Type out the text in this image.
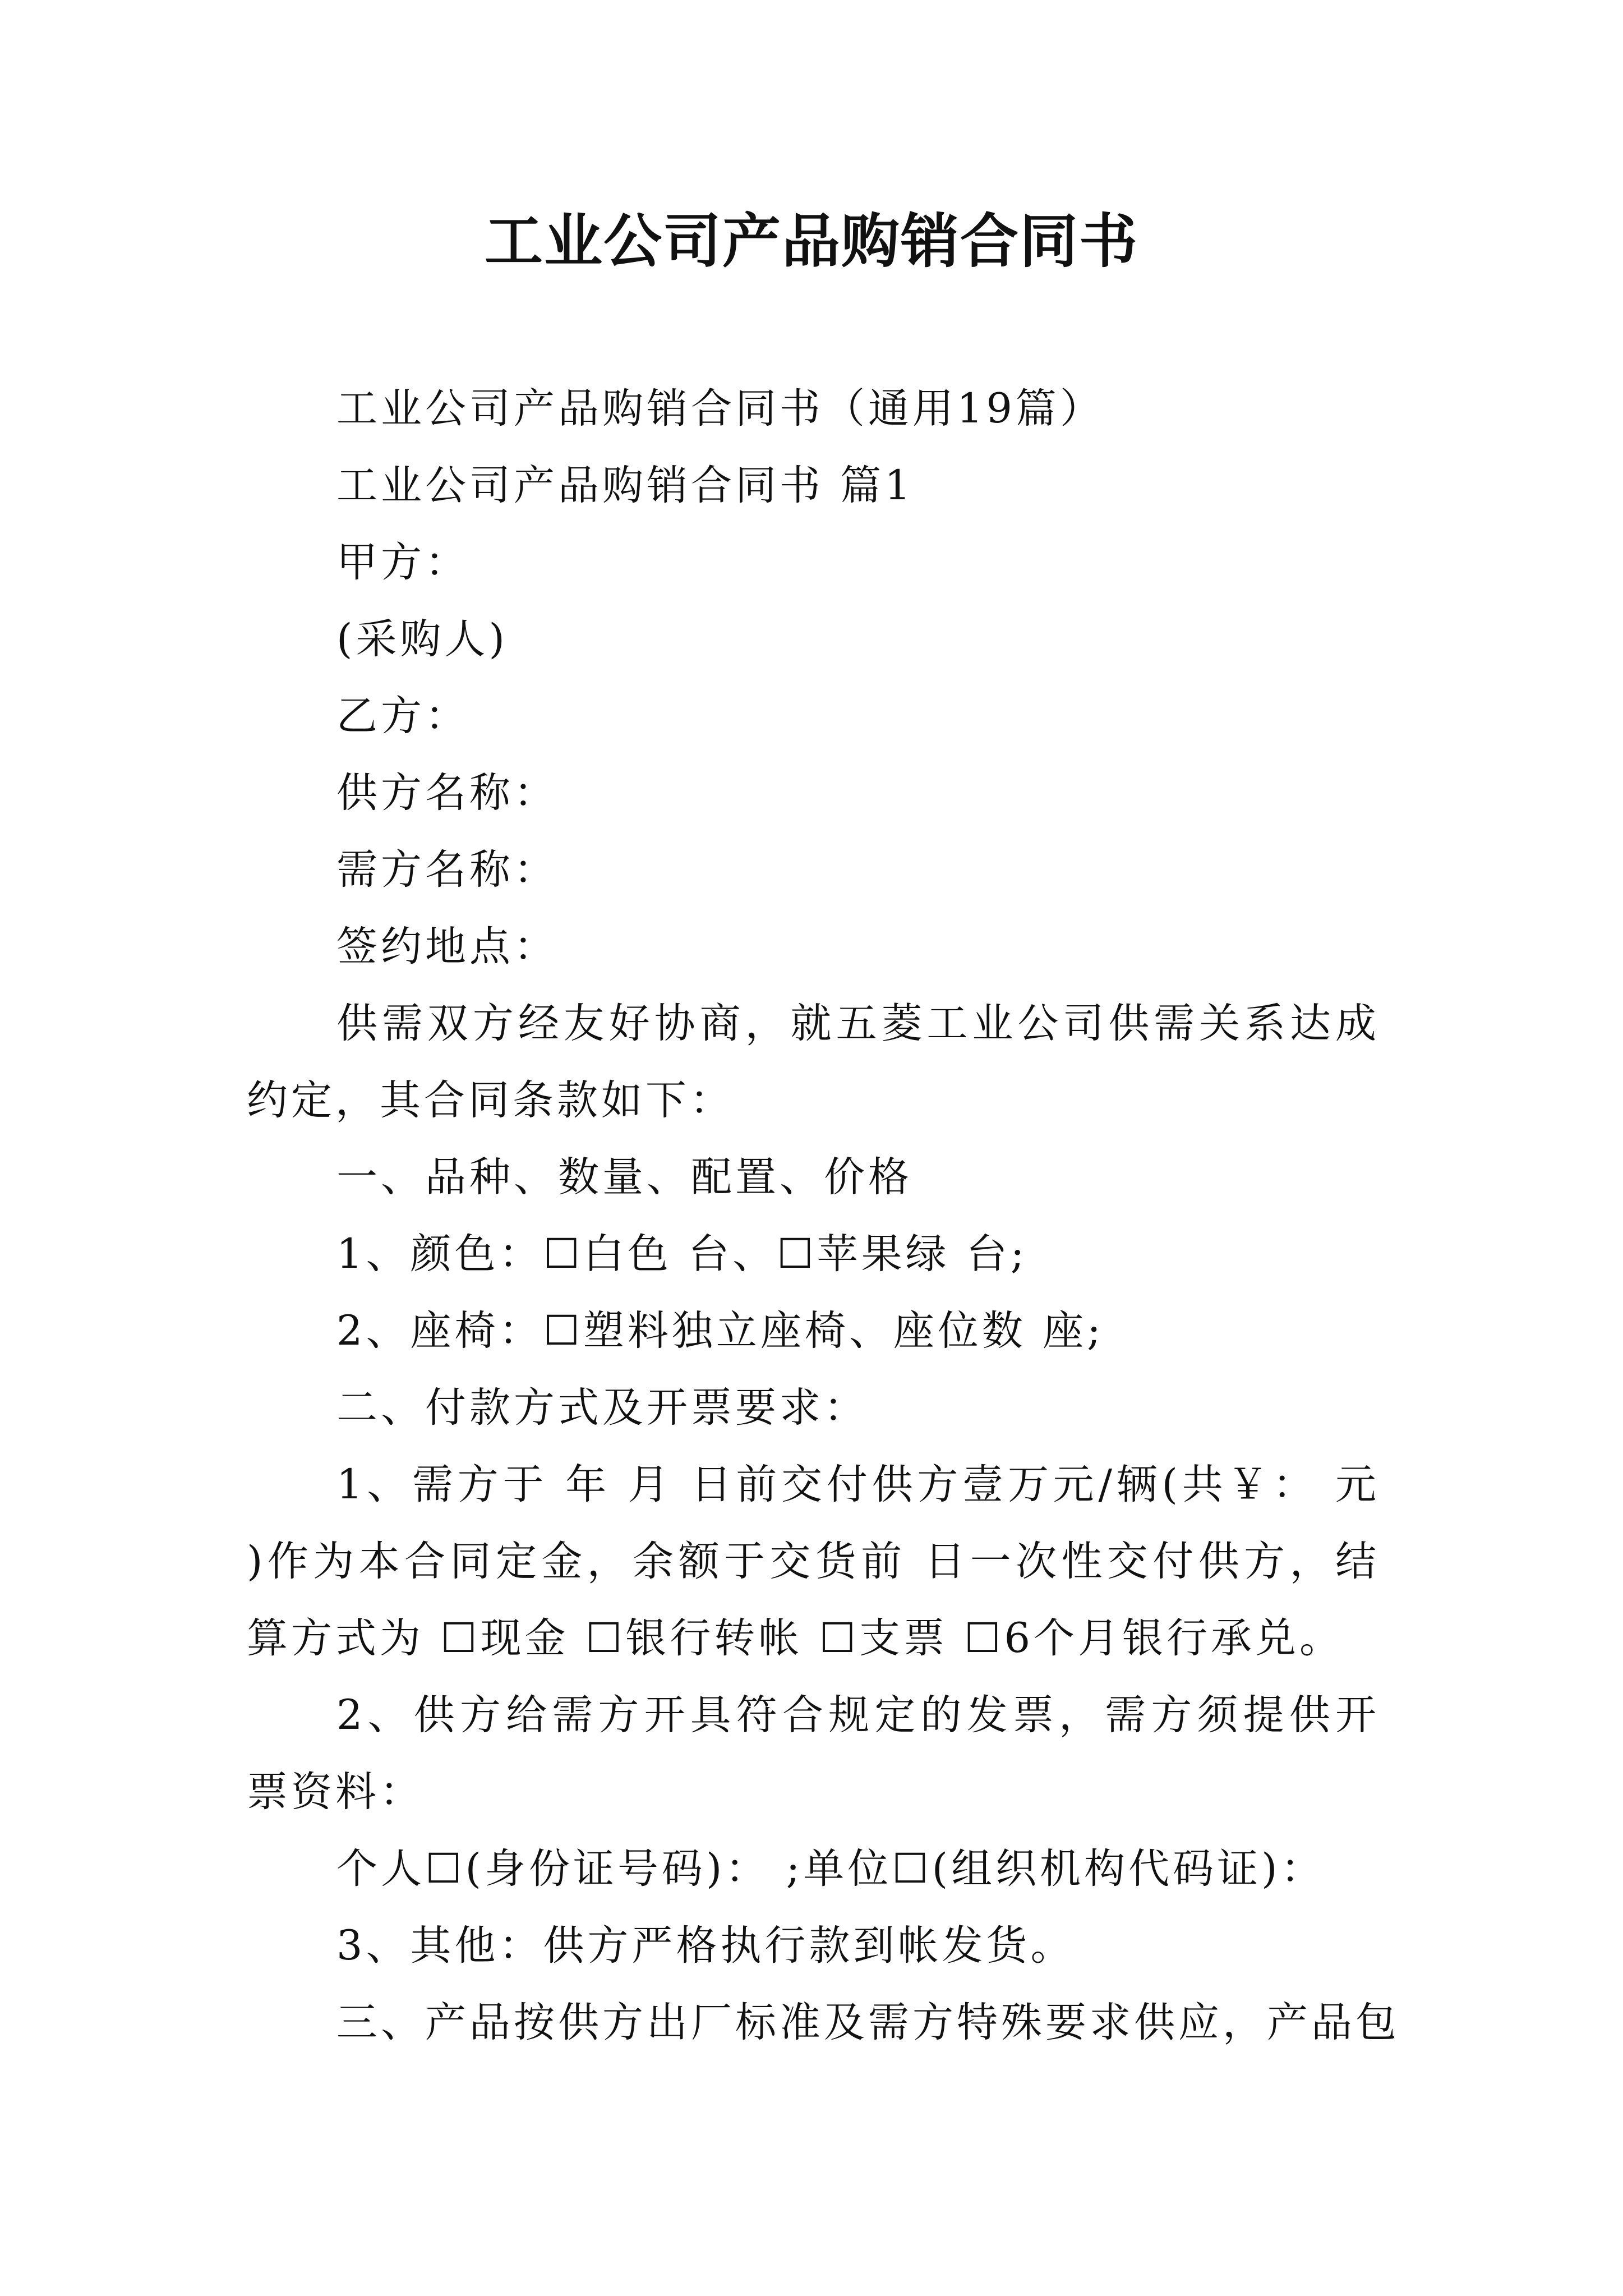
工业公司产品购销合同书

工业公司产品购销合同书（通用19篇）

工业公司产品购销合同书 篇1

甲方：

(采购人)

乙方：

供方名称：

需方名称：

签约地点：

供需双方经友好协商，就五菱工业公司供需关系达成约定，其合同条款如下：

一、品种、数量、配置、价格

1、颜色：☐白色 台、☐苹果绿 台;

2、座椅：☐塑料独立座椅、座位数 座;

二、付款方式及开票要求：

1、需方于 年 月 日前交付供方壹万元/辆(共￥： 元 )作为本合同定金，余额于交货前 日一次性交付供方，结算方式为 ☐现金 ☐银行转帐 ☐支票 ☐6个月银行承兑。

2、供方给需方开具符合规定的发票，需方须提供开票资料：

个人☐(身份证号码)： ;单位☐(组织机构代码证)：

3、其他：供方严格执行款到帐发货。

三、产品按供方出厂标准及需方特殊要求供应，产品包
